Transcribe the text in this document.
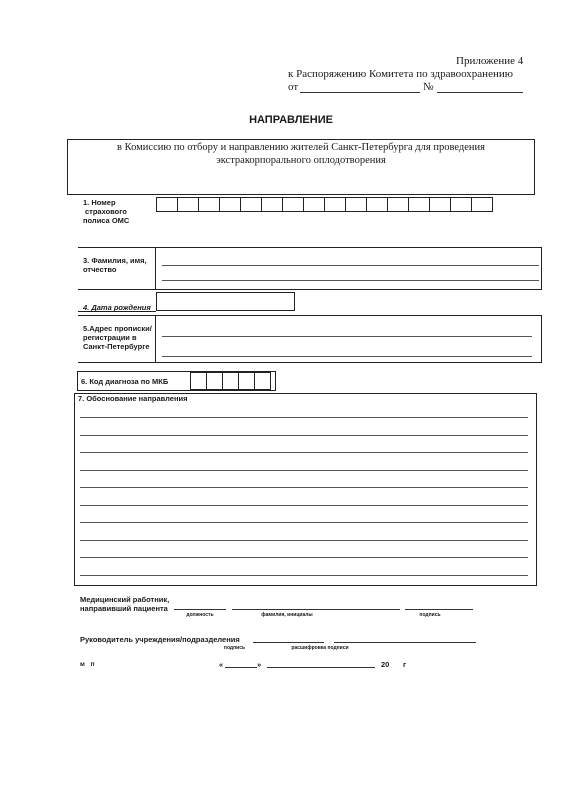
Приложение 4
к Распоряжению Комитета по здравоохранению
от	№
НАПРАВЛЕНИЕ
в Комиссию по отбору и направлению жителей Санкт-Петербурга для проведения
экстракорпорального оплодотворения
1. Номер
страхового
полиса ОМС
3. Фамилия, имя,
отчество
4. Дата рождения
5.Адрес прописки/
регистрации в
Санкт-Петербурге
6. Код диагноза по МКБ
7. Обоснование направления
Медицинский работник,
направивший пациента
должность	фамилия, инициалы	подпись
Руководитель учреждения/подразделения
подпись	расшифровка подписи
м п	«	»	20 г
